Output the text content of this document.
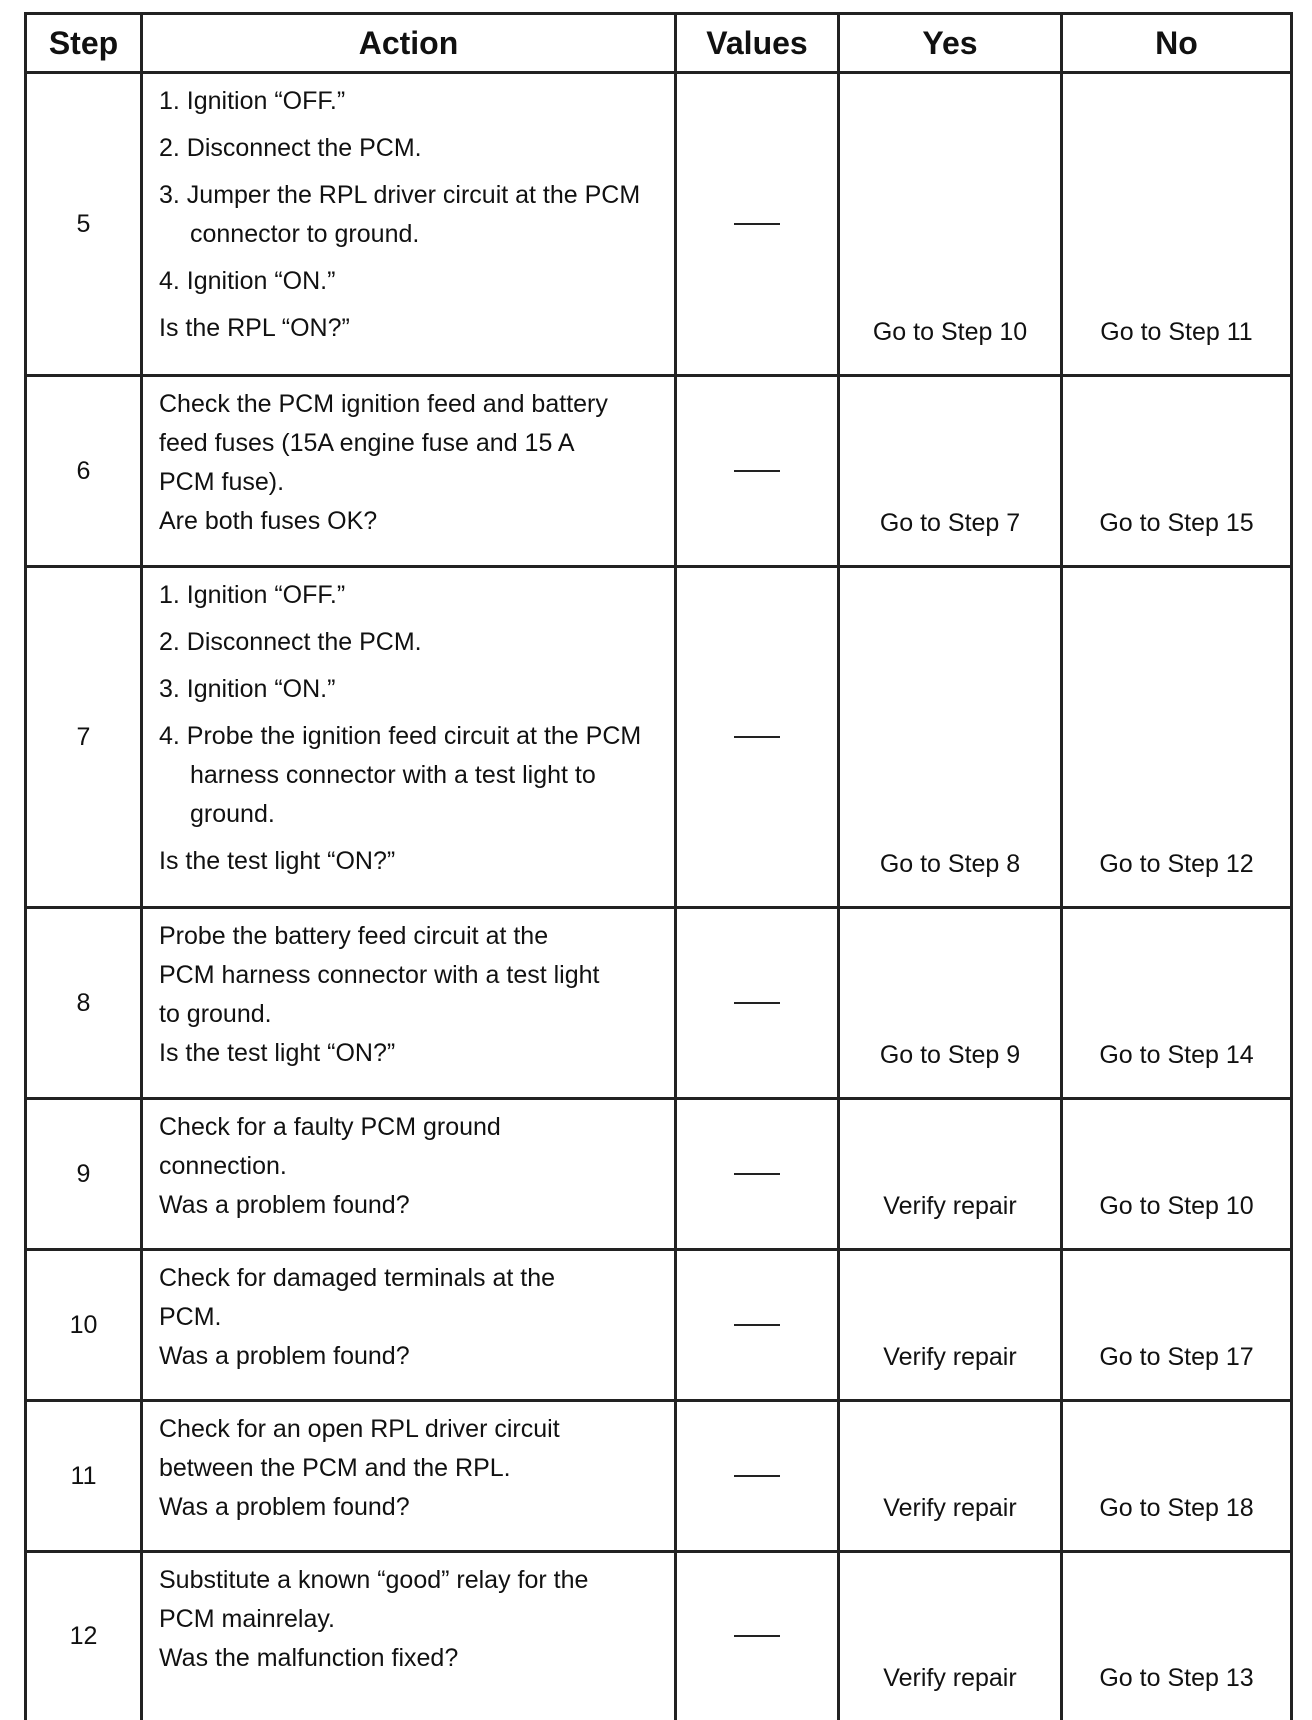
Step	Action	Values	Yes	No
5	1. Ignition “OFF.”
2. Disconnect the PCM.
3. Jumper the RPL driver circuit at the PCM connector to ground.
4. Ignition “ON.”
Is the RPL “ON?”		Go to Step 10	Go to Step 11
6	Check the PCM ignition feed and battery
feed fuses (15A engine fuse and 15 A
PCM fuse).
Are both fuses OK?		Go to Step 7	Go to Step 15
7	1. Ignition “OFF.”
2. Disconnect the PCM.
3. Ignition “ON.”
4. Probe the ignition feed circuit at the PCM harness connector with a test light to ground.
Is the test light “ON?”		Go to Step 8	Go to Step 12
8	Probe the battery feed circuit at the
PCM harness connector with a test light
to ground.
Is the test light “ON?”		Go to Step 9	Go to Step 14
9	Check for a faulty PCM ground
connection.
Was a problem found?		Verify repair	Go to Step 10
10	Check for damaged terminals at the
PCM.
Was a problem found?		Verify repair	Go to Step 17
11	Check for an open RPL driver circuit
between the PCM and the RPL.
Was a problem found?		Verify repair	Go to Step 18
12	Substitute a known “good” relay for the
PCM mainrelay.
Was the malfunction fixed?		Verify repair	Go to Step 13
